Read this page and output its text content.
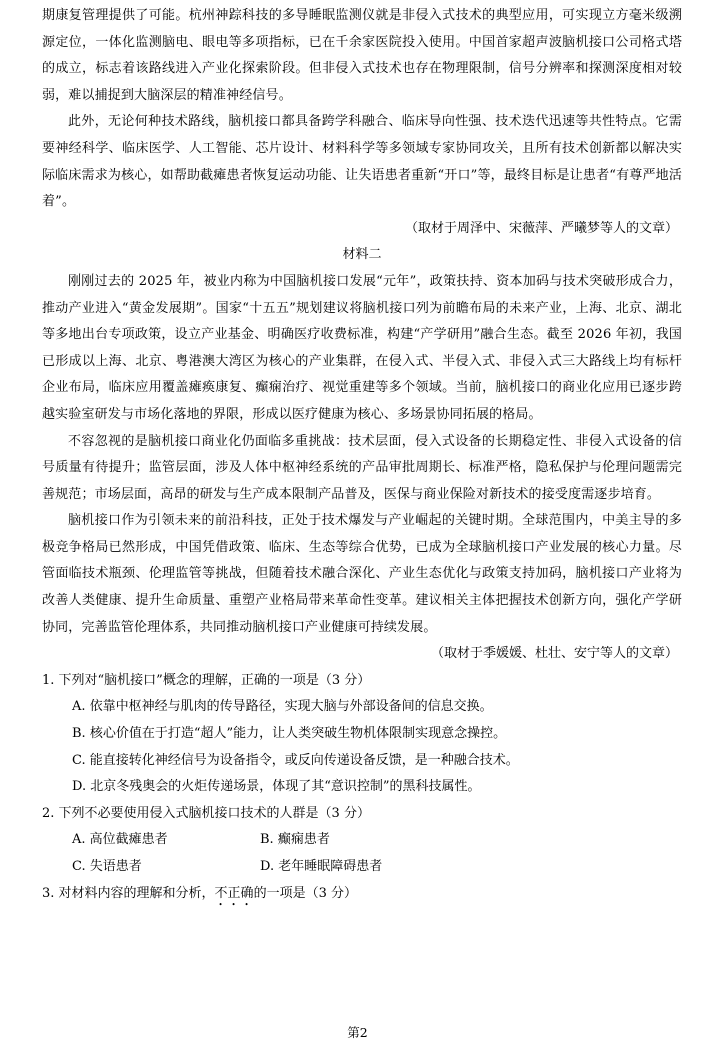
期康复管理提供了可能。杭州神踪科技的多导睡眠监测仪就是非侵入式技术的典型应用，可实现立方毫米级溯源定位，一体化监测脑电、眼电等多项指标，已在千余家医院投入使用。中国首家超声波脑机接口公司格式塔的成立，标志着该路线进入产业化探索阶段。但非侵入式技术也存在物理限制，信号分辨率和探测深度相对较弱，难以捕捉到大脑深层的精准神经信号。

此外，无论何种技术路线，脑机接口都具备跨学科融合、临床导向性强、技术迭代迅速等共性特点。它需要神经科学、临床医学、人工智能、芯片设计、材料科学等多领域专家协同攻关，且所有技术创新都以解决实际临床需求为核心，如帮助截瘫患者恢复运动功能、让失语患者重新“开口”等，最终目标是让患者“有尊严地活着”。

（取材于周泽中、宋薇萍、严曦梦等人的文章）

材料二

刚刚过去的 2025 年，被业内称为中国脑机接口发展“元年”，政策扶持、资本加码与技术突破形成合力，推动产业进入“黄金发展期”。国家“十五五”规划建议将脑机接口列为前瞻布局的未来产业，上海、北京、湖北等多地出台专项政策，设立产业基金、明确医疗收费标准，构建“产学研用”融合生态。截至 2026 年初，我国已形成以上海、北京、粤港澳大湾区为核心的产业集群，在侵入式、半侵入式、非侵入式三大路线上均有标杆企业布局，临床应用覆盖瘫痪康复、癫痫治疗、视觉重建等多个领域。当前，脑机接口的商业化应用已逐步跨越实验室研发与市场化落地的界限，形成以医疗健康为核心、多场景协同拓展的格局。

不容忽视的是脑机接口商业化仍面临多重挑战：技术层面，侵入式设备的长期稳定性、非侵入式设备的信号质量有待提升；监管层面，涉及人体中枢神经系统的产品审批周期长、标准严格，隐私保护与伦理问题需完善规范；市场层面，高昂的研发与生产成本限制产品普及，医保与商业保险对新技术的接受度需逐步培育。

脑机接口作为引领未来的前沿科技，正处于技术爆发与产业崛起的关键时期。全球范围内，中美主导的多极竞争格局已然形成，中国凭借政策、临床、生态等综合优势，已成为全球脑机接口产业发展的核心力量。尽管面临技术瓶颈、伦理监管等挑战，但随着技术融合深化、产业生态优化与政策支持加码，脑机接口产业将为改善人类健康、提升生命质量、重塑产业格局带来革命性变革。建议相关主体把握技术创新方向，强化产学研协同，完善监管伦理体系，共同推动脑机接口产业健康可持续发展。

（取材于季媛媛、杜壮、安宁等人的文章）

1. 下列对“脑机接口”概念的理解，正确的一项是（3 分）

A. 依靠中枢神经与肌肉的传导路径，实现大脑与外部设备间的信息交换。

B. 核心价值在于打造“超人”能力，让人类突破生物机体限制实现意念操控。

C. 能直接转化神经信号为设备指令，或反向传递设备反馈，是一种融合技术。

D. 北京冬残奥会的火炬传递场景，体现了其“意识控制”的黑科技属性。

2. 下列不必要使用侵入式脑机接口技术的人群是（3 分）

A. 高位截瘫患者	B. 癫痫患者
C. 失语患者	D. 老年睡眠障碍患者

3. 对材料内容的理解和分析，不正确的一项是（3 分）

第2
